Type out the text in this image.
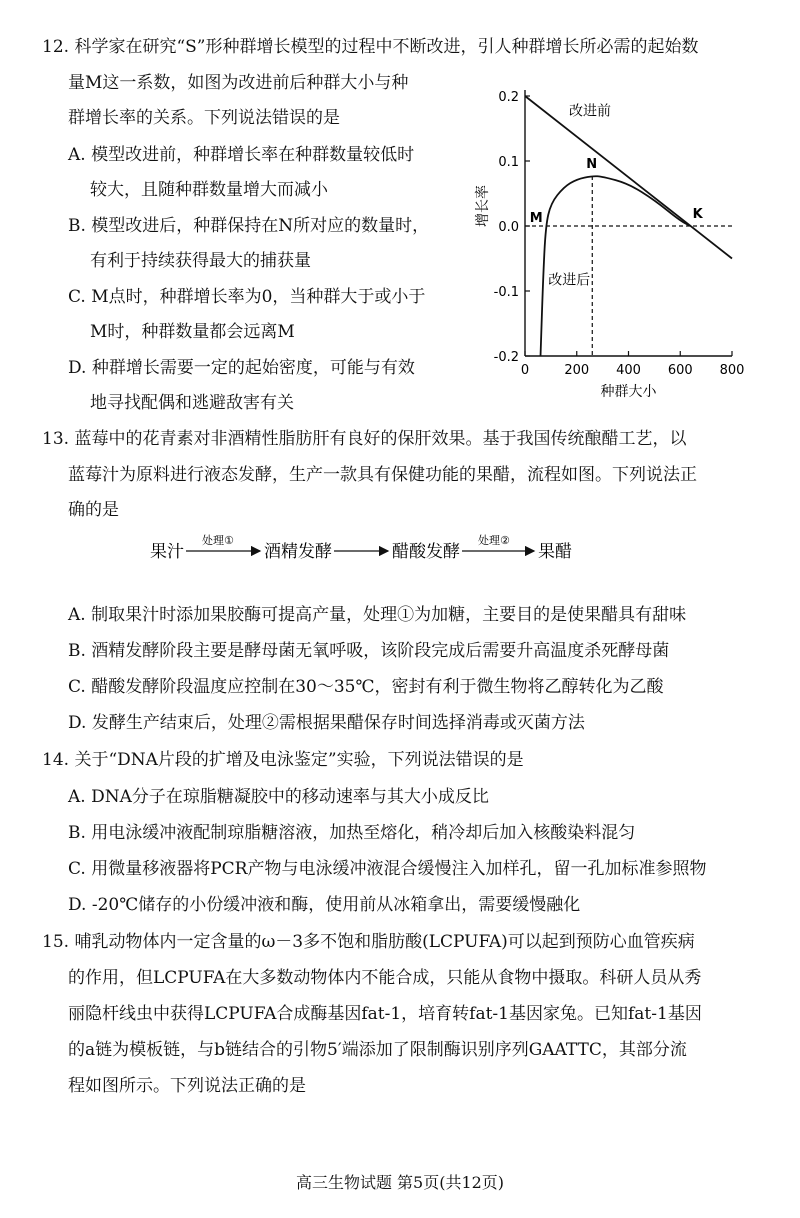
12. 科学家在研究“S”形种群增长模型的过程中不断改进，引人种群增长所必需的起始数
量M这一系数，如图为改进前后种群大小与种
群增长率的关系。下列说法错误的是
A. 模型改进前，种群增长率在种群数量较低时
较大，且随种群数量增大而减小
B. 模型改进后，种群保持在N所对应的数量时，
有利于持续获得最大的捕获量
C. M点时，种群增长率为0，当种群大于或小于
M时，种群数量都会远离M
D. 种群增长需要一定的起始密度，可能与有效
地寻找配偶和逃避敌害有关
0.2
0.1
0.0
-0.1
-0.2
0	200 400 600 800
种群大小
增长率
改进前
改进后
M
N
K
13. 蓝莓中的花青素对非酒精性脂肪肝有良好的保肝效果。基于我国传统酿醋工艺，以
蓝莓汁为原料进行液态发酵，生产一款具有保健功能的果醋，流程如图。下列说法正
确的是
果汁
处理①
酒精发酵	醋酸发酵
处理②
果醋
A. 制取果汁时添加果胶酶可提高产量，处理①为加糖，主要目的是使果醋具有甜味
B. 酒精发酵阶段主要是酵母菌无氧呼吸，该阶段完成后需要升高温度杀死酵母菌
C. 醋酸发酵阶段温度应控制在30～35℃，密封有利于微生物将乙醇转化为乙酸
D. 发酵生产结束后，处理②需根据果醋保存时间选择消毒或灭菌方法
14. 关于“DNA片段的扩增及电泳鉴定”实验，下列说法错误的是
A. DNA分子在琼脂糖凝胶中的移动速率与其大小成反比
B. 用电泳缓冲液配制琼脂糖溶液，加热至熔化，稍冷却后加入核酸染料混匀
C. 用微量移液器将PCR产物与电泳缓冲液混合缓慢注入加样孔，留一孔加标准参照物
D. -20℃储存的小份缓冲液和酶，使用前从冰箱拿出，需要缓慢融化
15. 哺乳动物体内一定含量的ω－3多不饱和脂肪酸(LCPUFA)可以起到预防心血管疾病
的作用，但LCPUFA在大多数动物体内不能合成，只能从食物中摄取。科研人员从秀
丽隐杆线虫中获得LCPUFA合成酶基因fat-1，培育转fat-1基因家兔。已知fat-1基因
的a链为模板链，与b链结合的引物5′端添加了限制酶识别序列GAATTC，其部分流
程如图所示。下列说法正确的是
高三生物试题 第5页(共12页)
